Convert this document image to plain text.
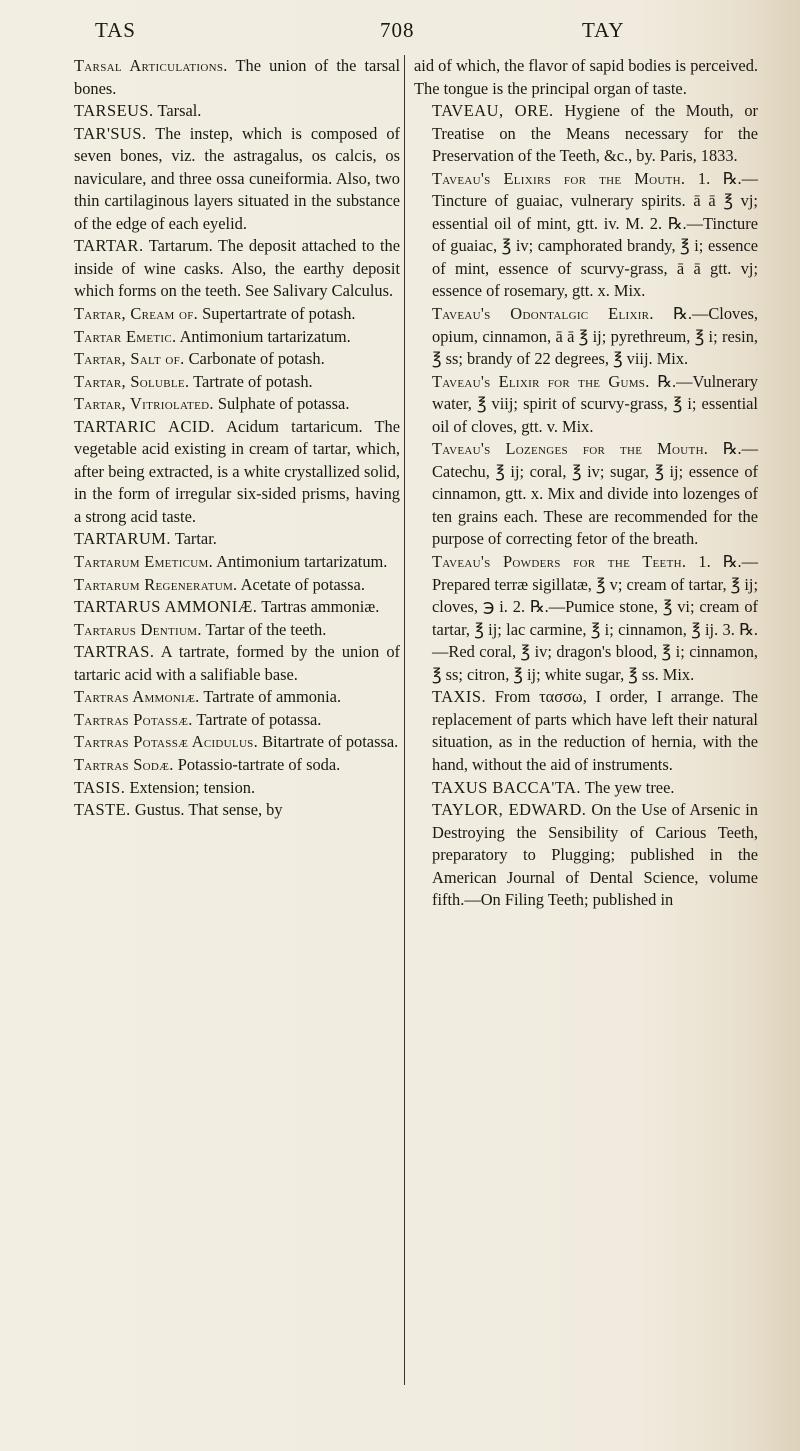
TAS	708	TAY

Tarsal Articulations. The union of the tarsal bones.

TARSEUS. Tarsal.

TAR'SUS. The instep, which is composed of seven bones, viz. the astragalus, os calcis, os naviculare, and three ossa cuneiformia. Also, two thin cartilaginous layers situated in the substance of the edge of each eyelid.

TARTAR. Tartarum. The deposit attached to the inside of wine casks. Also, the earthy deposit which forms on the teeth. See Salivary Calculus.

Tartar, Cream of. Supertartrate of potash.

Tartar Emetic. Antimonium tartarizatum.

Tartar, Salt of. Carbonate of potash.

Tartar, Soluble. Tartrate of potash.

Tartar, Vitriolated. Sulphate of potassa.

TARTARIC ACID. Acidum tartaricum. The vegetable acid existing in cream of tartar, which, after being extracted, is a white crystallized solid, in the form of irregular six-sided prisms, having a strong acid taste.

TARTARUM. Tartar.

Tartarum Emeticum. Antimonium tartarizatum.

Tartarum Regeneratum. Acetate of potassa.

TARTARUS AMMONIÆ. Tartras ammoniæ.

Tartarus Dentium. Tartar of the teeth.

TARTRAS. A tartrate, formed by the union of tartaric acid with a salifiable base.

Tartras Ammoniæ. Tartrate of ammonia.

Tartras Potassæ. Tartrate of potassa.

Tartras Potassæ Acidulus. Bitartrate of potassa.

Tartras Sodæ. Potassio-tartrate of soda.

TASIS. Extension; tension.

TASTE. Gustus. That sense, by

aid of which, the flavor of sapid bodies is perceived. The tongue is the principal organ of taste.

TAVEAU, ORE. Hygiene of the Mouth, or Treatise on the Means necessary for the Preservation of the Teeth, &c., by. Paris, 1833.

Taveau's Elixirs for the Mouth. 1. ℞.—Tincture of guaiac, vulnerary spirits. ā ā ℥ vj; essential oil of mint, gtt. iv. M. 2. ℞.—Tincture of guaiac, ℥ iv; camphorated brandy, ℥ i; essence of mint, essence of scurvy-grass, ā ā gtt. vj; essence of rosemary, gtt. x. Mix.

Taveau's Odontalgic Elixir. ℞.—Cloves, opium, cinnamon, ā ā ℥ ij; pyrethreum, ℥ i; resin, ℥ ss; brandy of 22 degrees, ℥ viij. Mix.

Taveau's Elixir for the Gums. ℞.—Vulnerary water, ℥ viij; spirit of scurvy-grass, ℥ i; essential oil of cloves, gtt. v. Mix.

Taveau's Lozenges for the Mouth. ℞.—Catechu, ℥ ij; coral, ℥ iv; sugar, ℥ ij; essence of cinnamon, gtt. x. Mix and divide into lozenges of ten grains each. These are recommended for the purpose of correcting fetor of the breath.

Taveau's Powders for the Teeth. 1. ℞.—Prepared terræ sigillatæ, ℥ v; cream of tartar, ℥ ij; cloves, ℈ i. 2. ℞.—Pumice stone, ℥ vi; cream of tartar, ℥ ij; lac carmine, ℥ i; cinnamon, ℥ ij. 3. ℞.—Red coral, ℥ iv; dragon's blood, ℥ i; cinnamon, ℥ ss; citron, ℥ ij; white sugar, ℥ ss. Mix.

TAXIS. From τασσω, I order, I arrange. The replacement of parts which have left their natural situation, as in the reduction of hernia, with the hand, without the aid of instruments.

TAXUS BACCA'TA. The yew tree.

TAYLOR, EDWARD. On the Use of Arsenic in Destroying the Sensibility of Carious Teeth, preparatory to Plugging; published in the American Journal of Dental Science, volume fifth.—On Filing Teeth; published in
